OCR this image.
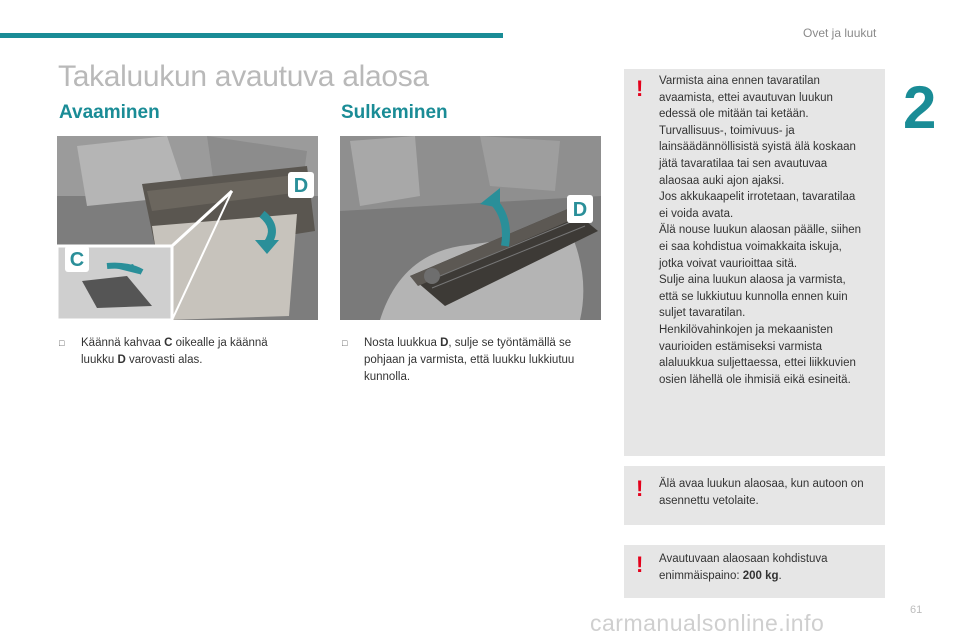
Ovet ja luukut
2
Takaluukun avautuva alaosa
Avaaminen
D
C
□ Käännä kahvaa C oikealle ja käännä
luukku D varovasti alas.
Sulkeminen
D
□ Nosta luukkua D, sulje se työntämällä se
pohjaan ja varmista, että luukku lukkiutuu
kunnolla.
! Varmista aina ennen tavaratilan
avaamista, ettei avautuvan luukun
edessä ole mitään tai ketään.
Turvallisuus-, toimivuus- ja
lainsäädännöllisistä syistä älä koskaan
jätä tavaratilaa tai sen avautuvaa
alaosaa auki ajon ajaksi.
Jos akkukaapelit irrotetaan, tavaratilaa
ei voida avata.
Älä nouse luukun alaosan päälle, siihen
ei saa kohdistua voimakkaita iskuja,
jotka voivat vaurioittaa sitä.
Sulje aina luukun alaosa ja varmista,
että se lukkiutuu kunnolla ennen kuin
suljet tavaratilan.
Henkilövahinkojen ja mekaanisten
vaurioiden estämiseksi varmista
alaluukkua suljettaessa, ettei liikkuvien
osien lähellä ole ihmisiä eikä esineitä.
! Älä avaa luukun alaosaa, kun autoon on
asennettu vetolaite.
! Avautuvaan alaosaan kohdistuva
enimmäispaino: 200 kg.
carmanualsonline.info	61
